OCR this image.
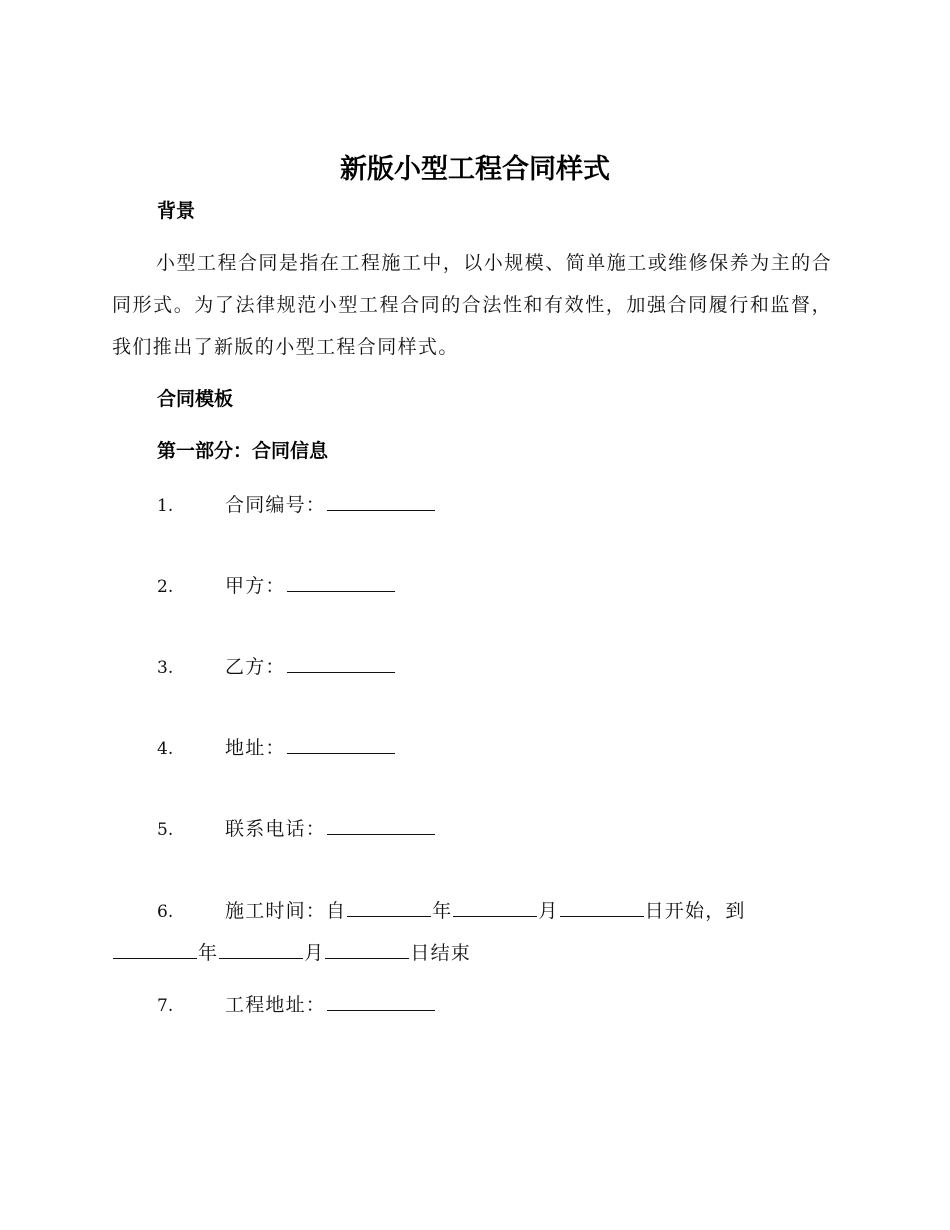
新版小型工程合同样式
背景
小型工程合同是指在工程施工中，以小规模、简单施工或维修保养为主的合同形式。为了法律规范小型工程合同的合法性和有效性，加强合同履行和监督，我们推出了新版的小型工程合同样式。
合同模板
第一部分：合同信息
1.	合同编号：
2.	甲方：
3.	乙方：
4.	地址：
5.	联系电话：
6.	施工时间：自	年	月	日开始，到
年	月	日结束
7.	工程地址：
